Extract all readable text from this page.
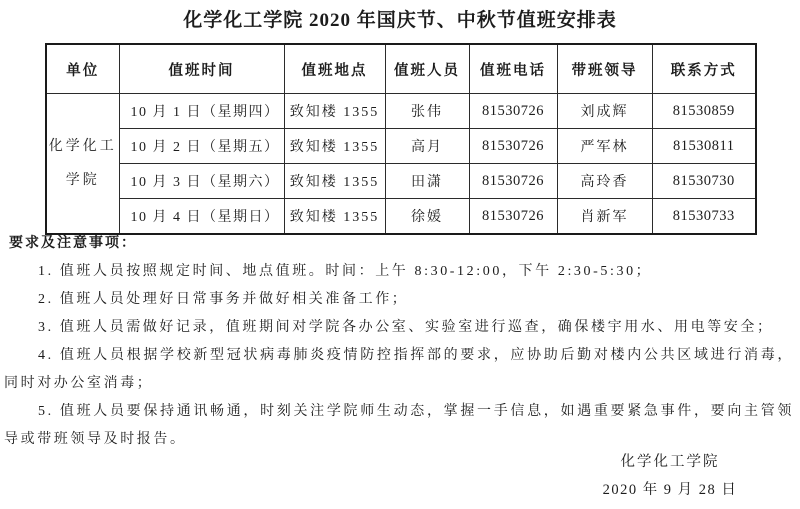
化学化工学院 2020 年国庆节、中秋节值班安排表
单位	值班时间	值班地点	值班人员	值班电话	带班领导	联系方式

化学化工
学院	10 月 1 日（星期四）	致知楼 1355	张伟	81530726	刘成辉	81530859
	10 月 2 日（星期五）	致知楼 1355	高月	81530726	严军林	81530811
	10 月 3 日（星期六）	致知楼 1355	田潇	81530726	高玲香	81530730
	10 月 4 日（星期日）	致知楼 1355	徐媛	81530726	肖新军	81530733

要求及注意事项：

1. 值班人员按照规定时间、地点值班。时间：上午 8:30-12:00，下午 2:30-5:30；

2. 值班人员处理好日常事务并做好相关准备工作；

3. 值班人员需做好记录，值班期间对学院各办公室、实验室进行巡查，确保楼宇用水、用电等安全；

4. 值班人员根据学校新型冠状病毒肺炎疫情防控指挥部的要求，应协助后勤对楼内公共区域进行消毒，同时对办公室消毒；

5. 值班人员要保持通讯畅通，时刻关注学院师生动态，掌握一手信息，如遇重要紧急事件，要向主管领导或带班领导及时报告。

化学化工学院

2020 年 9 月 28 日
